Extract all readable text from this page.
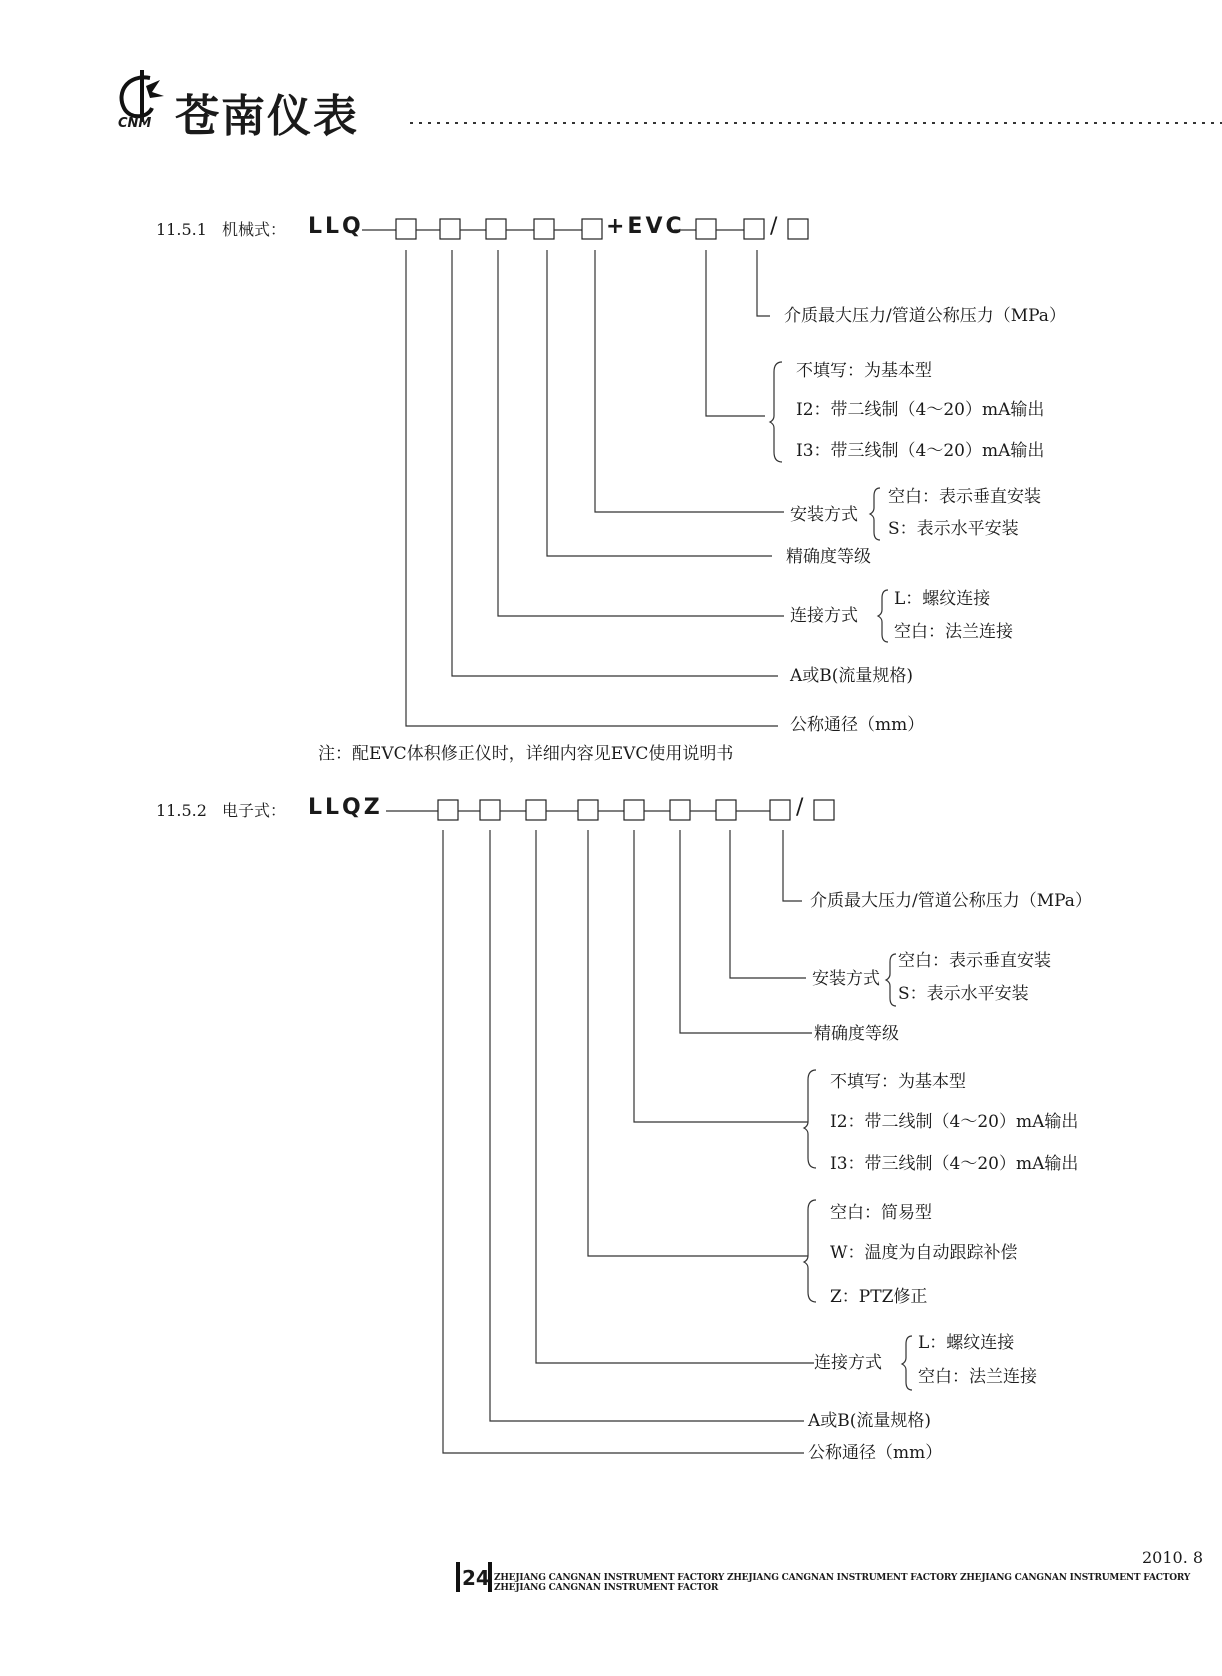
CNM 苍南仪表
11.5.1 机械式： LLQ	+EVC	/
介质最大压力/管道公称压力（MPa）
不填写：为基本型
I2：带二线制（4～20）mA输出
I3：带三线制（4～20）mA输出
安装方式
空白：表示垂直安装
S：表示水平安装
精确度等级
连接方式
L：螺纹连接
空白：法兰连接
A或B(流量规格)
公称通径（mm）
注：配EVC体积修正仪时，详细内容见EVC使用说明书
11.5.2 电子式： LLQZ	/
介质最大压力/管道公称压力（MPa）
安装方式
空白：表示垂直安装
S：表示水平安装
精确度等级
不填写：为基本型
I2：带二线制（4～20）mA输出
I3：带三线制（4～20）mA输出
空白：简易型
W：温度为自动跟踪补偿
Z：PTZ修正
连接方式
L：螺纹连接
空白：法兰连接
A或B(流量规格)
公称通径（mm）
2010. 8
24 ZHEJIANG CANGNAN INSTRUMENT FACTORY ZHEJIANG CANGNAN INSTRUMENT FACTORY ZHEJIANG CANGNAN INSTRUMENT FACTORY ZHEJIANG CANGNAN INSTRUMENT FACTOR
